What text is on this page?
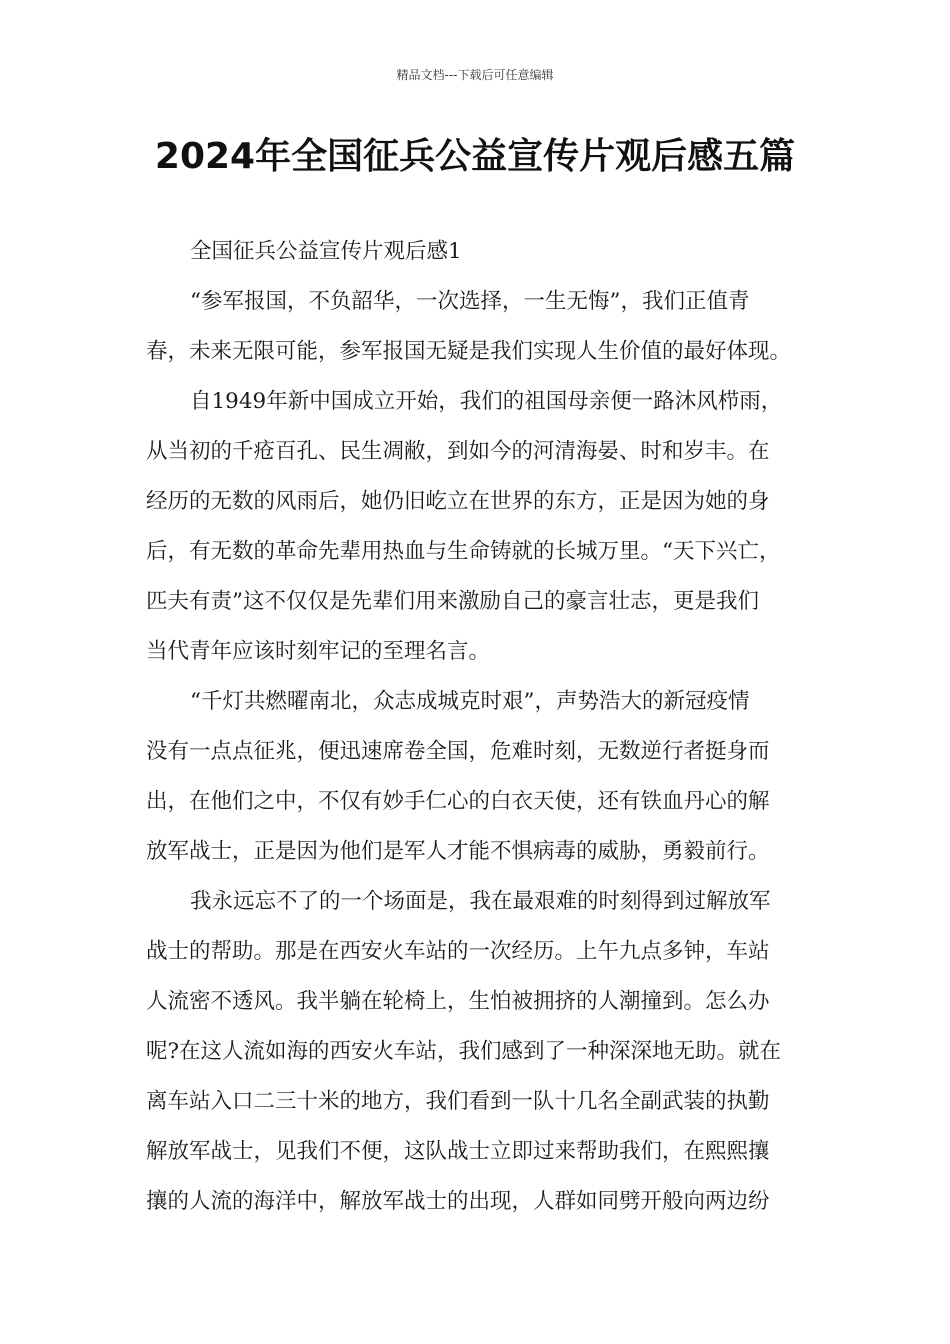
精品文档---下载后可任意编辑
2024年全国征兵公益宣传片观后感五篇
全国征兵公益宣传片观后感1
“参军报国，不负韶华，一次选择，一生无悔”，我们正值青
春，未来无限可能，参军报国无疑是我们实现人生价值的最好体现。
自1949年新中国成立开始，我们的祖国母亲便一路沐风栉雨，
从当初的千疮百孔、民生凋敝，到如今的河清海晏、时和岁丰。在
经历的无数的风雨后，她仍旧屹立在世界的东方，正是因为她的身
后，有无数的革命先辈用热血与生命铸就的长城万里。“天下兴亡，
匹夫有责”这不仅仅是先辈们用来激励自己的豪言壮志，更是我们
当代青年应该时刻牢记的至理名言。
“千灯共燃曜南北，众志成城克时艰”，声势浩大的新冠疫情
没有一点点征兆，便迅速席卷全国，危难时刻，无数逆行者挺身而
出，在他们之中，不仅有妙手仁心的白衣天使，还有铁血丹心的解
放军战士，正是因为他们是军人才能不惧病毒的威胁，勇毅前行。
我永远忘不了的一个场面是，我在最艰难的时刻得到过解放军
战士的帮助。那是在西安火车站的一次经历。上午九点多钟，车站
人流密不透风。我半躺在轮椅上，生怕被拥挤的人潮撞到。怎么办
呢?在这人流如海的西安火车站，我们感到了一种深深地无助。就在
离车站入口二三十米的地方，我们看到一队十几名全副武装的执勤
解放军战士，见我们不便，这队战士立即过来帮助我们，在熙熙攘
攘的人流的海洋中，解放军战士的出现，人群如同劈开般向两边纷
